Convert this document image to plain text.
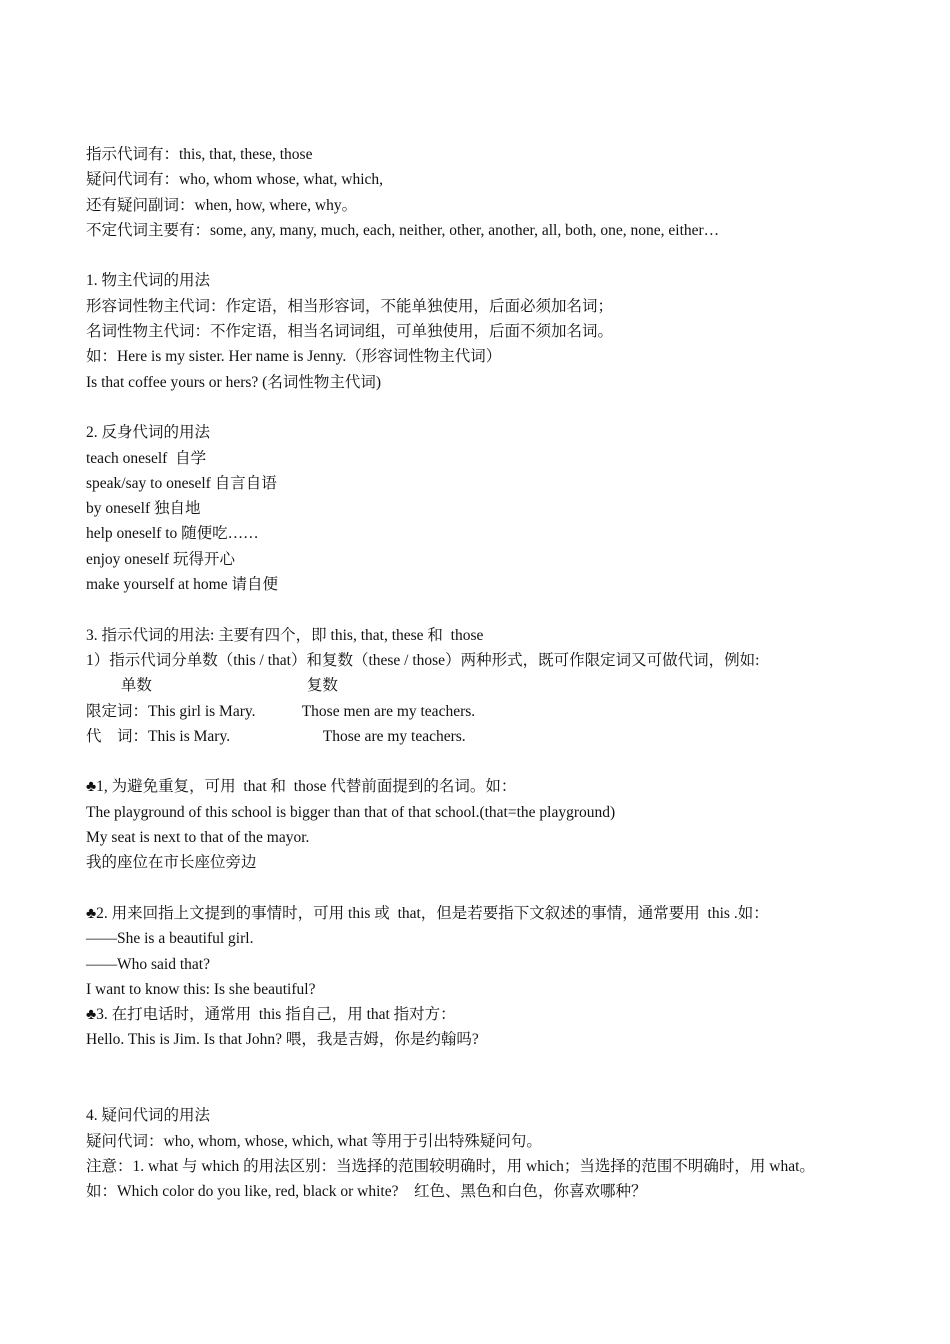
指示代词有：this, that, these, those
疑问代词有：who, whom whose, what, which,
还有疑问副词：when, how, where, why。
不定代词主要有：some, any, many, much, each, neither, other, another, all, both, one, none, either…
1. 物主代词的用法
形容词性物主代词：作定语，相当形容词，不能单独使用，后面必须加名词；
名词性物主代词：不作定语，相当名词词组，可单独使用，后面不须加名词。
如：Here is my sister. Her name is Jenny.（形容词性物主代词）
Is that coffee yours or hers? (名词性物主代词)
2. 反身代词的用法
teach oneself  自学
speak/say to oneself 自言自语
by oneself 独自地
help oneself to 随便吃……
enjoy oneself 玩得开心
make yourself at home 请自便
3. 指示代词的用法: 主要有四个，即 this, that, these 和  those
1）指示代词分单数（this / that）和复数（these / those）两种形式，既可作限定词又可做代词，例如:
单数                                        复数
限定词：This girl is Mary.            Those men are my teachers.
代    词：This is Mary.                        Those are my teachers.
♣1, 为避免重复，可用  that 和  those 代替前面提到的名词。如：
The playground of this school is bigger than that of that school.(that=the playground)
My seat is next to that of the mayor.
我的座位在市长座位旁边
♣2. 用来回指上文提到的事情时，可用 this 或  that，但是若要指下文叙述的事情，通常要用  this .如：
——She is a beautiful girl.
——Who said that?
I want to know this: Is she beautiful?
♣3. 在打电话时，通常用  this 指自己，用 that 指对方：
Hello. This is Jim. Is that John? 喂，我是吉姆，你是约翰吗?
4. 疑问代词的用法
疑问代词：who, whom, whose, which, what 等用于引出特殊疑问句。
注意：1. what 与 which 的用法区别：当选择的范围较明确时，用 which；当选择的范围不明确时，用 what。
如：Which color do you like, red, black or white?    红色、黑色和白色，你喜欢哪种？
